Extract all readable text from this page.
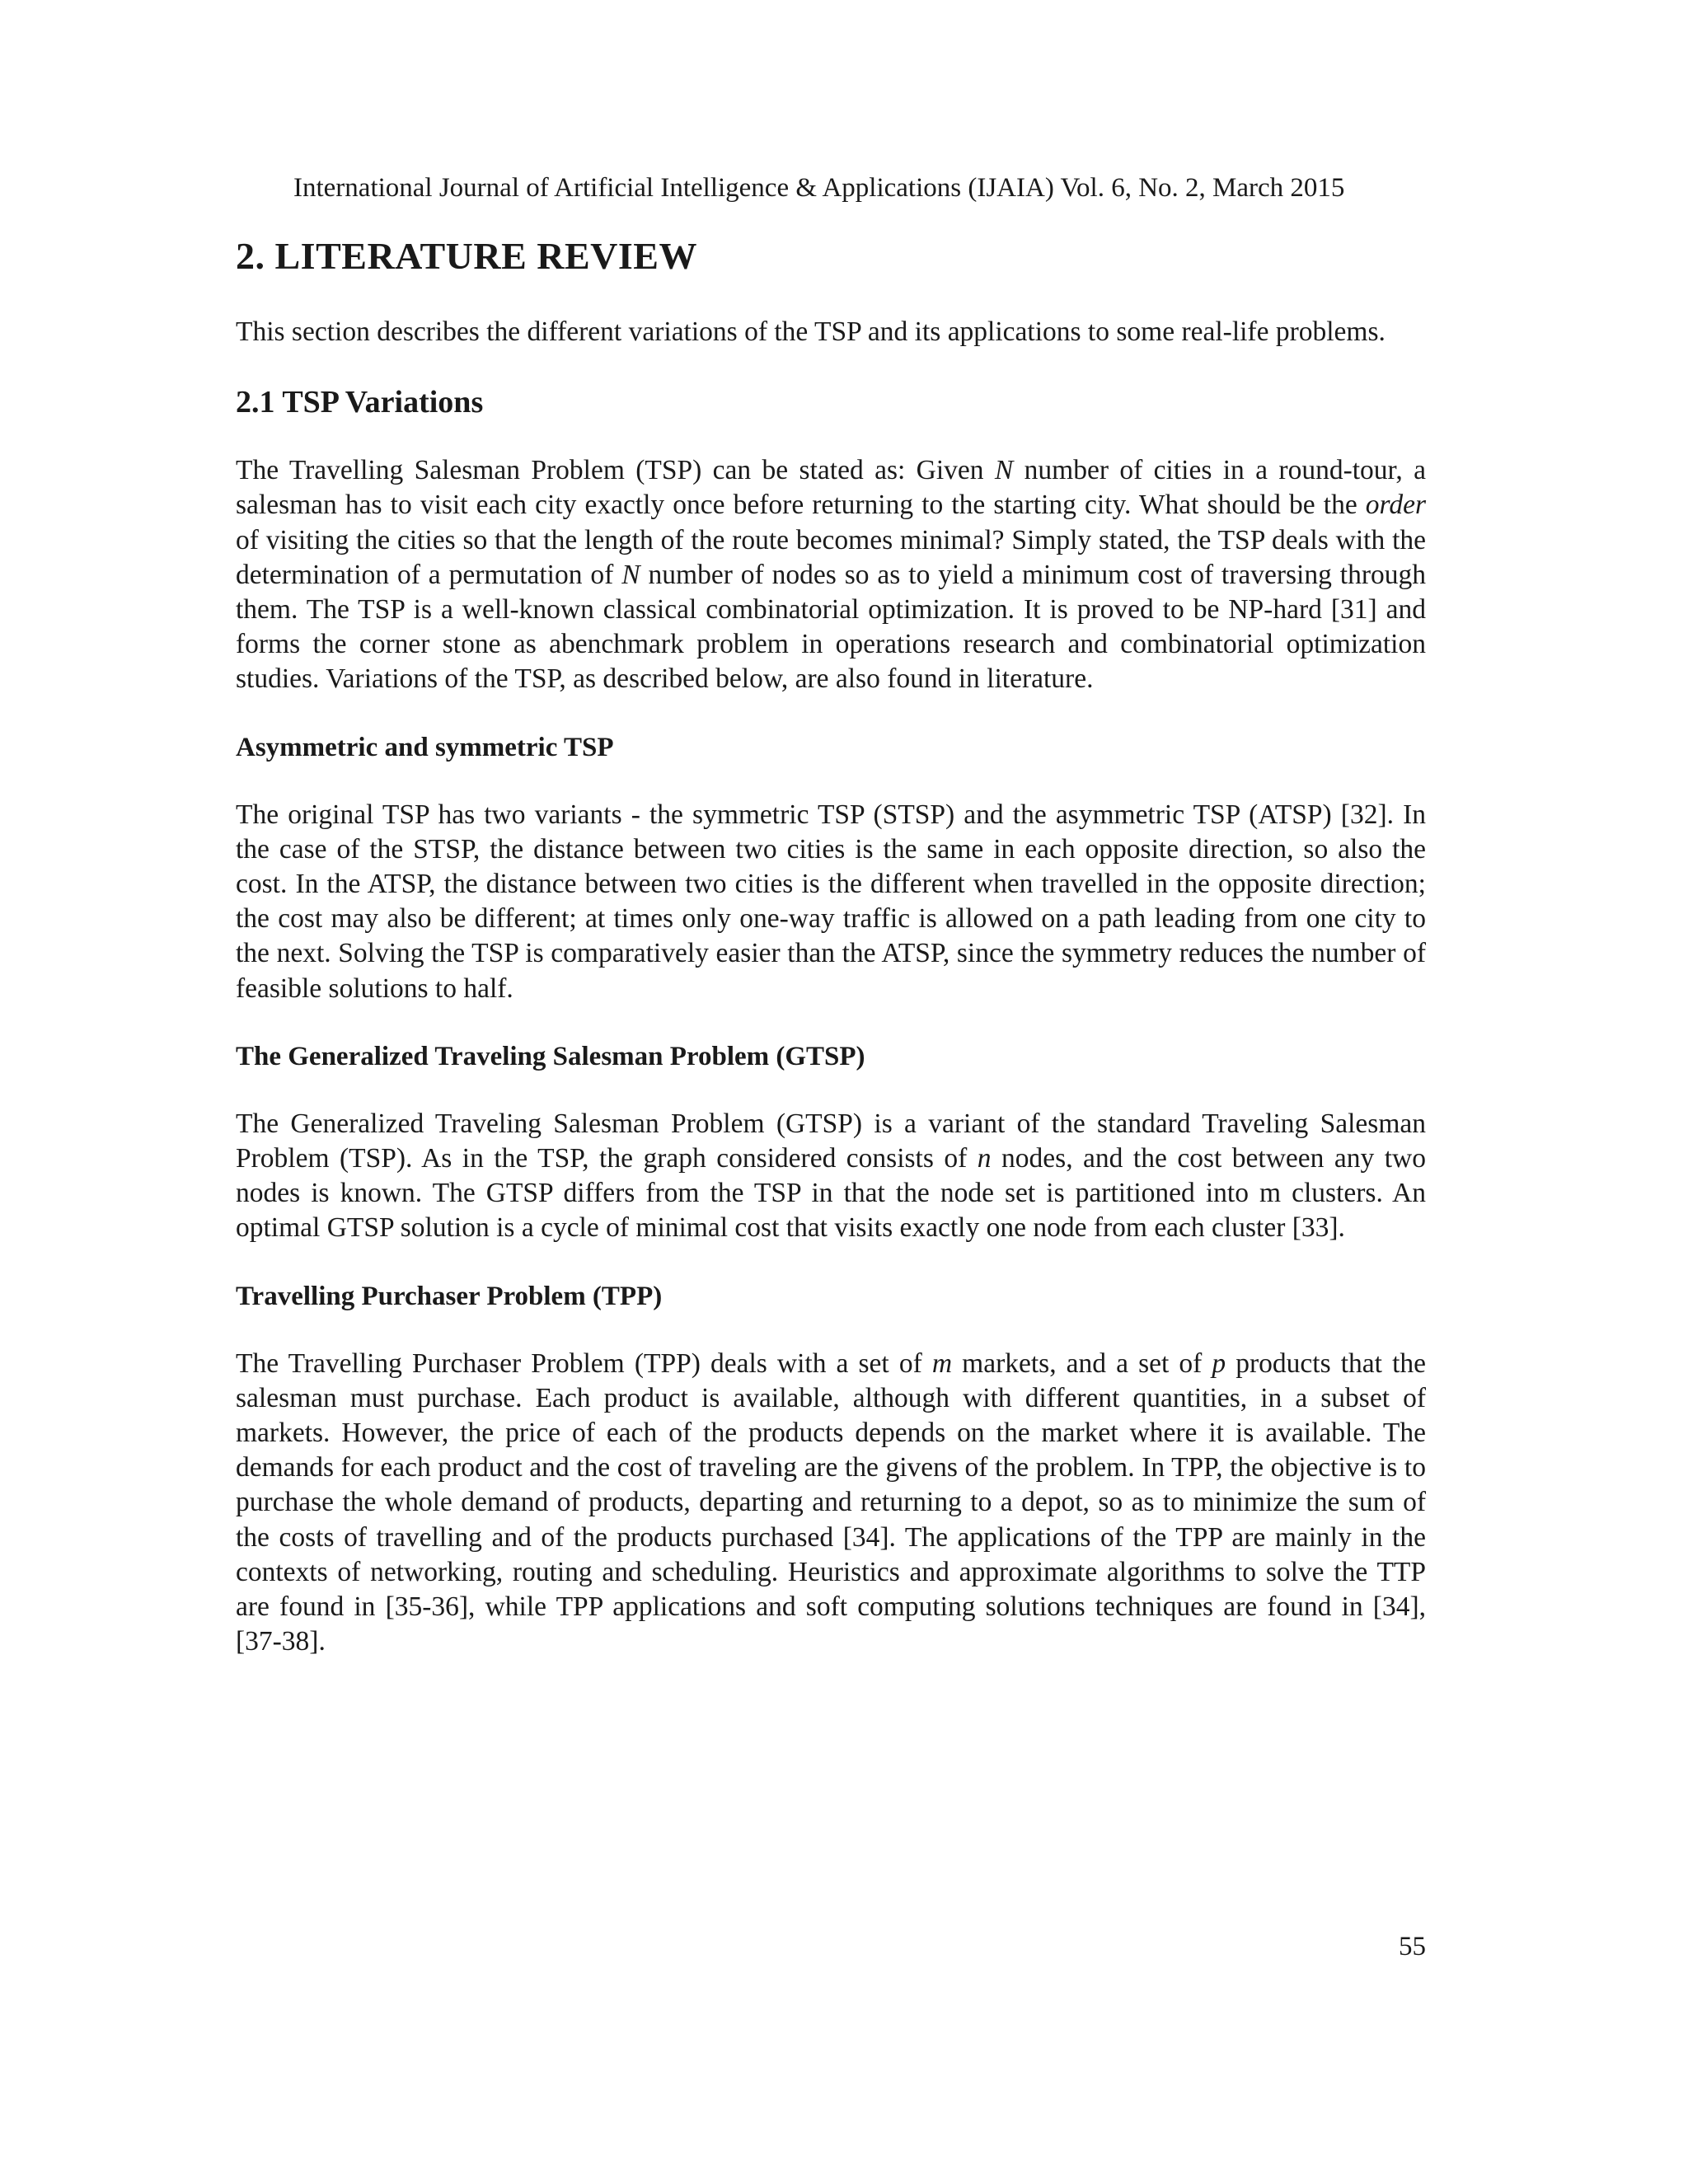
International Journal of Artificial Intelligence & Applications (IJAIA) Vol. 6, No. 2, March 2015
2. LITERATURE REVIEW

This section describes the different variations of the TSP and its applications to some real-life problems.

2.1 TSP Variations

The Travelling Salesman Problem (TSP) can be stated as: Given N number of cities in a round-tour, a salesman has to visit each city exactly once before returning to the starting city. What should be the order of visiting the cities so that the length of the route becomes minimal? Simply stated, the TSP deals with the determination of a permutation of N number of nodes so as to yield a minimum cost of traversing through them. The TSP is a well-known classical combinatorial optimization. It is proved to be NP-hard [31] and forms the corner stone as abenchmark problem in operations research and combinatorial optimization studies. Variations of the TSP, as described below, are also found in literature.

Asymmetric and symmetric TSP

The original TSP has two variants - the symmetric TSP (STSP) and the asymmetric TSP (ATSP) [32]. In the case of the STSP, the distance between two cities is the same in each opposite direction, so also the cost. In the ATSP, the distance between two cities is the different when travelled in the opposite direction; the cost may also be different; at times only one-way traffic is allowed on a path leading from one city to the next. Solving the TSP is comparatively easier than the ATSP, since the symmetry reduces the number of feasible solutions to half.

The Generalized Traveling Salesman Problem (GTSP)

The Generalized Traveling Salesman Problem (GTSP) is a variant of the standard Traveling Salesman Problem (TSP). As in the TSP, the graph considered consists of n nodes, and the cost between any two nodes is known. The GTSP differs from the TSP in that the node set is partitioned into m clusters. An optimal GTSP solution is a cycle of minimal cost that visits exactly one node from each cluster [33].

Travelling Purchaser Problem (TPP)

The Travelling Purchaser Problem (TPP) deals with a set of m markets, and a set of p products that the salesman must purchase. Each product is available, although with different quantities, in a subset of markets. However, the price of each of the products depends on the market where it is available. The demands for each product and the cost of traveling are the givens of the problem. In TPP, the objective is to purchase the whole demand of products, departing and returning to a depot, so as to minimize the sum of the costs of travelling and of the products purchased [34]. The applications of the TPP are mainly in the contexts of networking, routing and scheduling. Heuristics and approximate algorithms to solve the TTP are found in [35-36], while TPP applications and soft computing solutions techniques are found in [34], [37-38].

55
